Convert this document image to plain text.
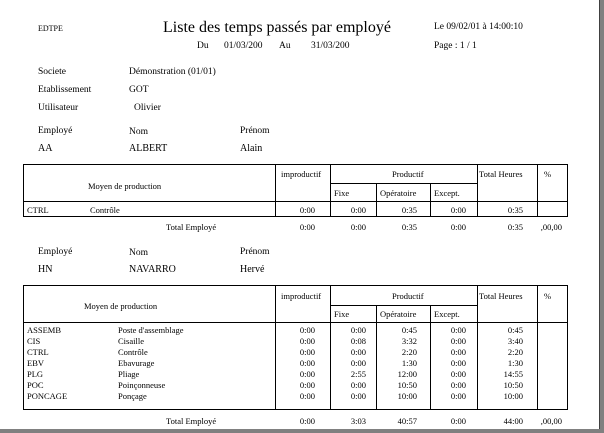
EDTPE	Liste des temps passés par employé
Du 01/03/200 Au 31/03/200
Le 09/02/01 à 14:00:10
Page : 1 / 1
Societe	Démonstration (01/01)
Etablissement	GOT
Utilisateur	Olivier
Employé	Nom	Prénom
AA	ALBERT	Alain
Moyen de production
improductif	Productif	Total Heures	%
Fixe	Opératoire Except.
CTRL	Contrôle	0:00	0:00	0:35	0:00	0:35
Total Employé	0:00	0:00	0:35	0:00	0:35 ,00,00
Employé	Nom	Prénom
HN	NAVARRO	Hervé
Moyen de production
improductif	Productif	Total Heures	%
Fixe	Opératoire Except.
ASSEMB	Poste d'assemblage	0:00	0:00	0:45	0:00	0:45
CIS	Cisaille	0:00	0:08	3:32	0:00	3:40
CTRL	Contrôle	0:00	0:00	2:20	0:00	2:20
EBV	Ebavurage	0:00	0:00	1:30	0:00	1:30
PLG	Pliage	0:00	2:55	12:00	0:00	14:55
POC	Poinçonneuse	0:00	0:00	10:50	0:00	10:50
PONCAGE	Ponçage	0:00	0:00	10:00	0:00	10:00
Total Employé	0:00	3:03	40:57	0:00	44:00 ,00,00
